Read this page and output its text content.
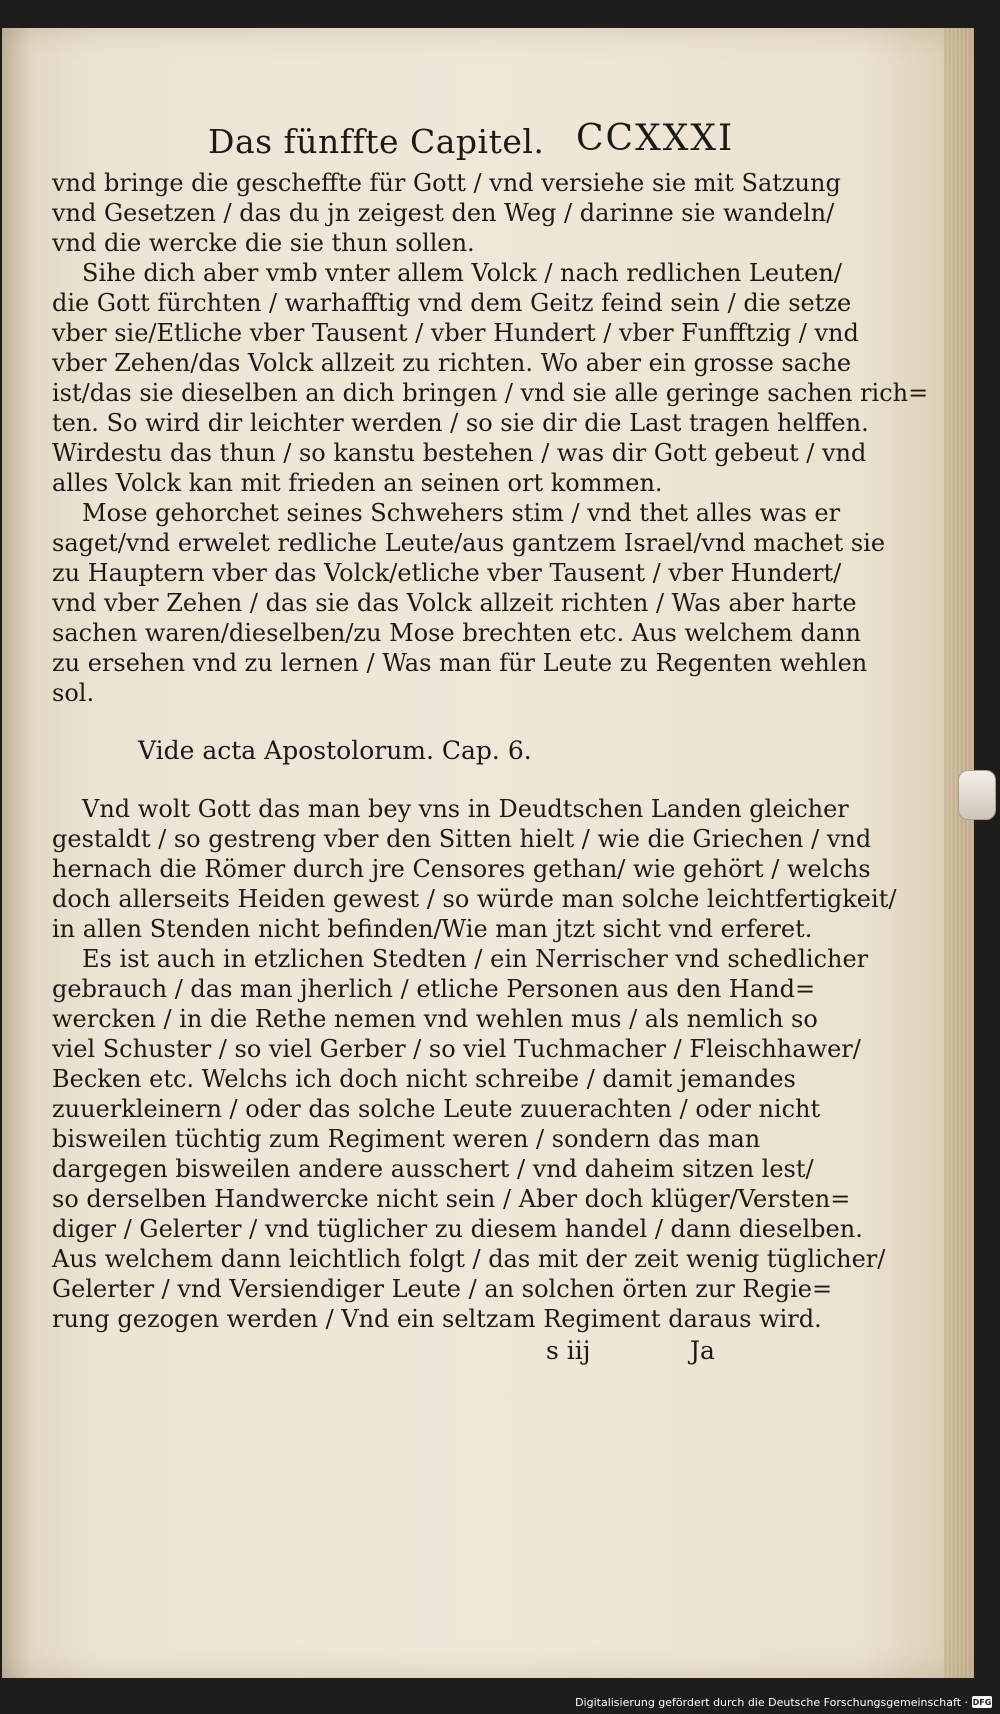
Das fünffte Capitel. CCXXXI
vnd bringe die gescheffte für Gott / vnd versiehe sie mit Satzung
vnd Gesetzen / das du jn zeigest den Weg / darinne sie wandeln/
vnd die wercke die sie thun sollen.
Sihe dich aber vmb vnter allem Volck / nach redlichen Leuten/
die Gott fürchten / warhafftig vnd dem Geitz feind sein / die setze
vber sie/Etliche vber Tausent / vber Hundert / vber Funfftzig / vnd
vber Zehen/das Volck allzeit zu richten. Wo aber ein grosse sache
ist/das sie dieselben an dich bringen / vnd sie alle geringe sachen rich=
ten. So wird dir leichter werden / so sie dir die Last tragen helffen.
Wirdestu das thun / so kanstu bestehen / was dir Gott gebeut / vnd
alles Volck kan mit frieden an seinen ort kommen.
Mose gehorchet seines Schwehers stim / vnd thet alles was er
saget/vnd erwelet redliche Leute/aus gantzem Israel/vnd machet sie
zu Hauptern vber das Volck/etliche vber Tausent / vber Hundert/
vnd vber Zehen / das sie das Volck allzeit richten / Was aber harte
sachen waren/dieselben/zu Mose brechten etc. Aus welchem dann
zu ersehen vnd zu lernen / Was man für Leute zu Regenten wehlen
sol.
Vide acta Apostolorum. Cap. 6.
Vnd wolt Gott das man bey vns in Deudtschen Landen gleicher
gestaldt / so gestreng vber den Sitten hielt / wie die Griechen / vnd
hernach die Römer durch jre Censores gethan/ wie gehört / welchs
doch allerseits Heiden gewest / so würde man solche leichtfertigkeit/
in allen Stenden nicht befinden/Wie man jtzt sicht vnd erferet.
Es ist auch in etzlichen Stedten / ein Nerrischer vnd schedlicher
gebrauch / das man jherlich / etliche Personen aus den Hand=
wercken / in die Rethe nemen vnd wehlen mus / als nemlich so
viel Schuster / so viel Gerber / so viel Tuchmacher / Fleischhawer/
Becken etc. Welchs ich doch nicht schreibe / damit jemandes
zuuerkleinern / oder das solche Leute zuuerachten / oder nicht
bisweilen tüchtig zum Regiment weren / sondern das man
dargegen bisweilen andere ausschert / vnd daheim sitzen lest/
so derselben Handwercke nicht sein / Aber doch klüger/Versten=
diger / Gelerter / vnd tüglicher zu diesem handel / dann dieselben.
Aus welchem dann leichtlich folgt / das mit der zeit wenig tüglicher/
Gelerter / vnd Versiendiger Leute / an solchen örten zur Regie=
rung gezogen werden / Vnd ein seltzam Regiment daraus wird.
s iij	Ja
Digitalisierung gefördert durch die Deutsche Forschungsgemeinschaft · DFG
